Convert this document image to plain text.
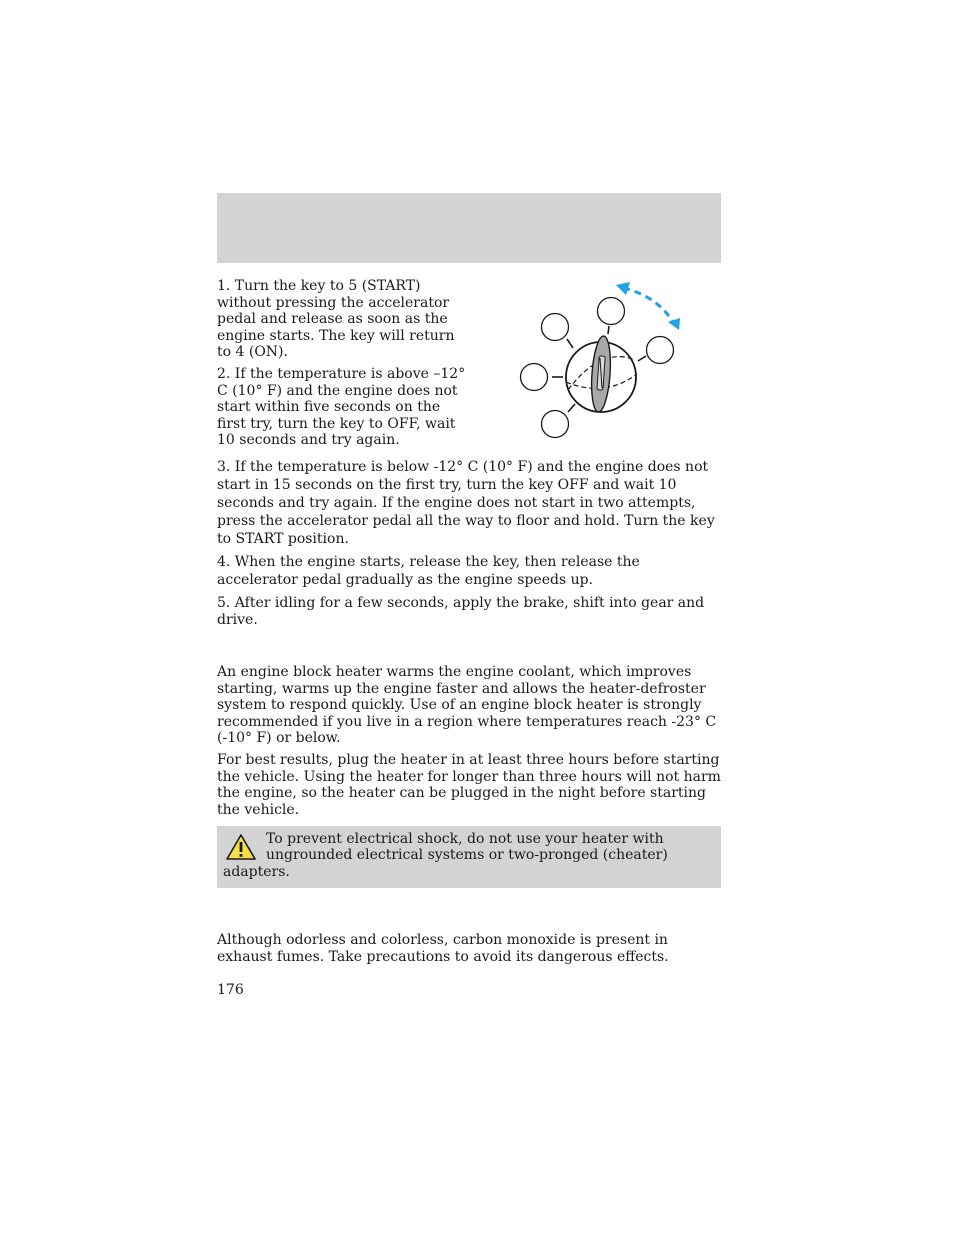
1. Turn the key to 5 (START) without pressing the accelerator pedal and release as soon as the engine starts. The key will return to 4 (ON).

2. If the temperature is above –12° C (10° F) and the engine does not start within five seconds on the first try, turn the key to OFF, wait 10 seconds and try again.

3. If the temperature is below -12° C (10° F) and the engine does not start in 15 seconds on the first try, turn the key OFF and wait 10 seconds and try again. If the engine does not start in two attempts, press the accelerator pedal all the way to floor and hold. Turn the key to START position.

4. When the engine starts, release the key, then release the accelerator pedal gradually as the engine speeds up.

5. After idling for a few seconds, apply the brake, shift into gear and drive.

An engine block heater warms the engine coolant, which improves starting, warms up the engine faster and allows the heater-defroster system to respond quickly. Use of an engine block heater is strongly recommended if you live in a region where temperatures reach -23° C (-10° F) or below.

For best results, plug the heater in at least three hours before starting the vehicle. Using the heater for longer than three hours will not harm the engine, so the heater can be plugged in the night before starting the vehicle.

To prevent electrical shock, do not use your heater with
ungrounded electrical systems or two-pronged (cheater)
adapters.

Although odorless and colorless, carbon monoxide is present in exhaust fumes. Take precautions to avoid its dangerous effects.

176
